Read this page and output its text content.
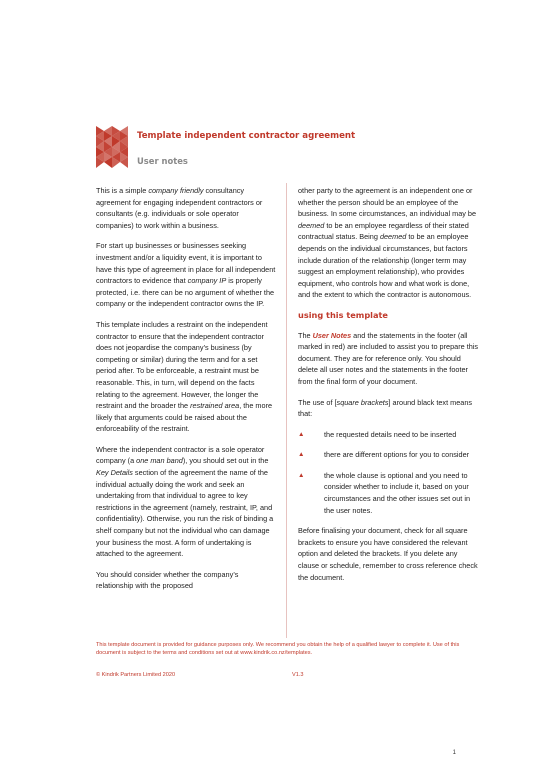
Template independent contractor agreement
User notes

This is a simple company friendly consultancy agreement for engaging independent contractors or consultants (e.g. individuals or sole operator companies) to work within a business.

For start up businesses or businesses seeking investment and/or a liquidity event, it is important to have this type of agreement in place for all independent contractors to evidence that company IP is properly protected, i.e. there can be no argument of whether the company or the independent contractor owns the IP.

This template includes a restraint on the independent contractor to ensure that the independent contractor does not jeopardise the company’s business (by competing or similar) during the term and for a set period after. To be enforceable, a restraint must be reasonable. This, in turn, will depend on the facts relating to the agreement. However, the longer the restraint and the broader the restrained area, the more likely that arguments could be raised about the enforceability of the restraint.

Where the independent contractor is a sole operator company (a one man band), you should set out in the Key Details section of the agreement the name of the individual actually doing the work and seek an undertaking from that individual to agree to key restrictions in the agreement (namely, restraint, IP, and confidentiality). Otherwise, you run the risk of binding a shelf company but not the individual who can damage your business the most. A form of undertaking is attached to the agreement.

You should consider whether the company’s relationship with the proposed

other party to the agreement is an independent one or whether the person should be an employee of the business. In some circumstances, an individual may be deemed to be an employee regardless of their stated contractual status. Being deemed to be an employee depends on the individual circumstances, but factors include duration of the relationship (longer term may suggest an employment relationship), who provides equipment, who controls how and what work is done, and the extent to which the contractor is autonomous.

using this template

The User Notes and the statements in the footer (all marked in red) are included to assist you to prepare this document. They are for reference only. You should delete all user notes and the statements in the footer from the final form of your document.

The use of [square brackets] around black text means that:

▲	the requested details need to be inserted
▲	there are different options for you to consider
▲	the whole clause is optional and you need to consider whether to include it, based on your circumstances and the other issues set out in the user notes.

Before finalising your document, check for all square brackets to ensure you have considered the relevant option and deleted the brackets. If you delete any clause or schedule, remember to cross reference check the document.

This template document is provided for guidance purposes only. We recommend you obtain the help of a qualified lawyer to complete it. Use of this document is subject to the terms and conditions set out at www.kindrik.co.nz/templates.

© Kindrik Partners Limited 2020	V1.3
1
